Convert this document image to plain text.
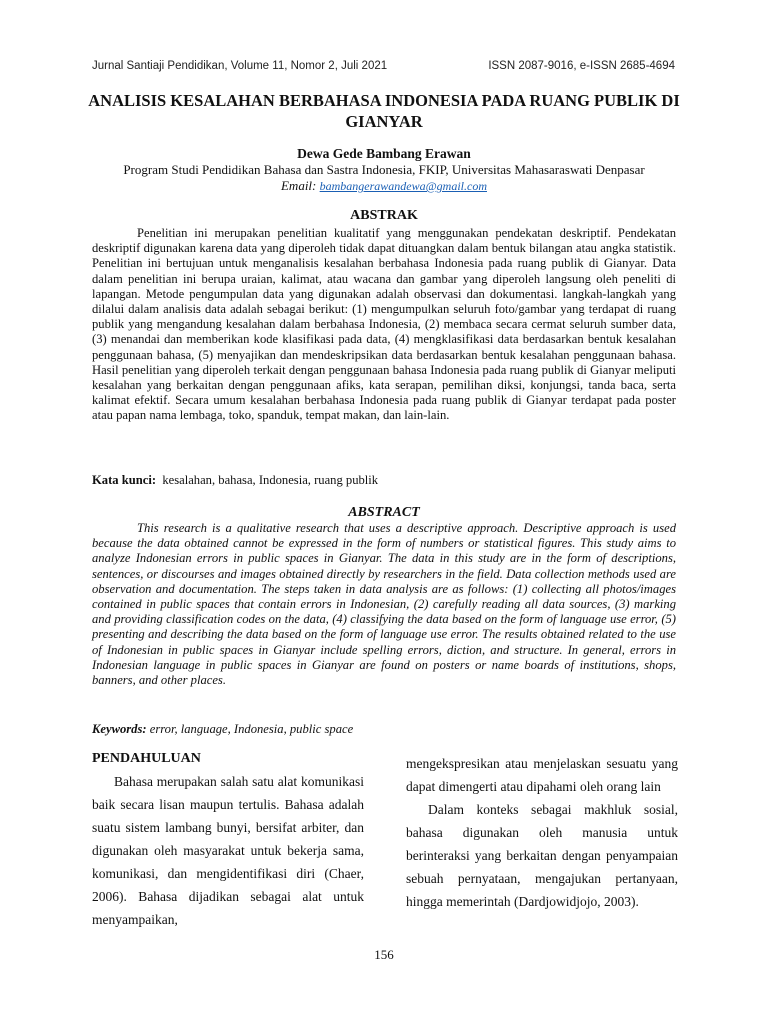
Jurnal Santiaji Pendidikan, Volume 11, Nomor 2, Juli 2021	ISSN 2087-9016, e-ISSN 2685-4694
ANALISIS KESALAHAN BERBAHASA INDONESIA PADA RUANG PUBLIK DI GIANYAR
Dewa Gede Bambang Erawan
Program Studi Pendidikan Bahasa dan Sastra Indonesia, FKIP, Universitas Mahasaraswati Denpasar
Email: bambangerawandewa@gmail.com
ABSTRAK
Penelitian ini merupakan penelitian kualitatif yang menggunakan pendekatan deskriptif. Pendekatan deskriptif digunakan karena data yang diperoleh tidak dapat dituangkan dalam bentuk bilangan atau angka statistik. Penelitian ini bertujuan untuk menganalisis kesalahan berbahasa Indonesia pada ruang publik di Gianyar. Data dalam penelitian ini berupa uraian, kalimat, atau wacana dan gambar yang diperoleh langsung oleh peneliti di lapangan. Metode pengumpulan data yang digunakan adalah observasi dan dokumentasi. langkah-langkah yang dilalui dalam analisis data adalah sebagai berikut: (1) mengumpulkan seluruh foto/gambar yang terdapat di ruang publik yang mengandung kesalahan dalam berbahasa Indonesia, (2) membaca secara cermat seluruh sumber data, (3) menandai dan memberikan kode klasifikasi pada data, (4) mengklasifikasi data berdasarkan bentuk kesalahan penggunaan bahasa, (5) menyajikan dan mendeskripsikan data berdasarkan bentuk kesalahan penggunaan bahasa. Hasil penelitian yang diperoleh terkait dengan penggunaan bahasa Indonesia pada ruang publik di Gianyar meliputi kesalahan yang berkaitan dengan penggunaan afiks, kata serapan, pemilihan diksi, konjungsi, tanda baca, serta kalimat efektif. Secara umum kesalahan berbahasa Indonesia pada ruang publik di Gianyar terdapat pada poster atau papan nama lembaga, toko, spanduk, tempat makan, dan lain-lain.
Kata kunci: kesalahan, bahasa, Indonesia, ruang publik
ABSTRACT
This research is a qualitative research that uses a descriptive approach. Descriptive approach is used because the data obtained cannot be expressed in the form of numbers or statistical figures. This study aims to analyze Indonesian errors in public spaces in Gianyar. The data in this study are in the form of descriptions, sentences, or discourses and images obtained directly by researchers in the field. Data collection methods used are observation and documentation. The steps taken in data analysis are as follows: (1) collecting all photos/images contained in public spaces that contain errors in Indonesian, (2) carefully reading all data sources, (3) marking and providing classification codes on the data, (4) classifying the data based on the form of language use error, (5) presenting and describing the data based on the form of language use error. The results obtained related to the use of Indonesian in public spaces in Gianyar include spelling errors, diction, and structure. In general, errors in Indonesian language in public spaces in Gianyar are found on posters or name boards of institutions, shops, banners, and other places.
Keywords: error, language, Indonesia, public space
PENDAHULUAN

Bahasa merupakan salah satu alat komunikasi baik secara lisan maupun tertulis. Bahasa adalah suatu sistem lambang bunyi, bersifat arbiter, dan digunakan oleh masyarakat untuk bekerja sama, komunikasi, dan mengidentifikasi diri (Chaer, 2006). Bahasa dijadikan sebagai alat untuk menyampaikan,

mengekspresikan atau menjelaskan sesuatu yang dapat dimengerti atau dipahami oleh orang lain

Dalam konteks sebagai makhluk sosial, bahasa digunakan oleh manusia untuk berinteraksi yang berkaitan dengan penyampaian sebuah pernyataan, mengajukan pertanyaan, hingga memerintah (Dardjowidjojo, 2003).

156
